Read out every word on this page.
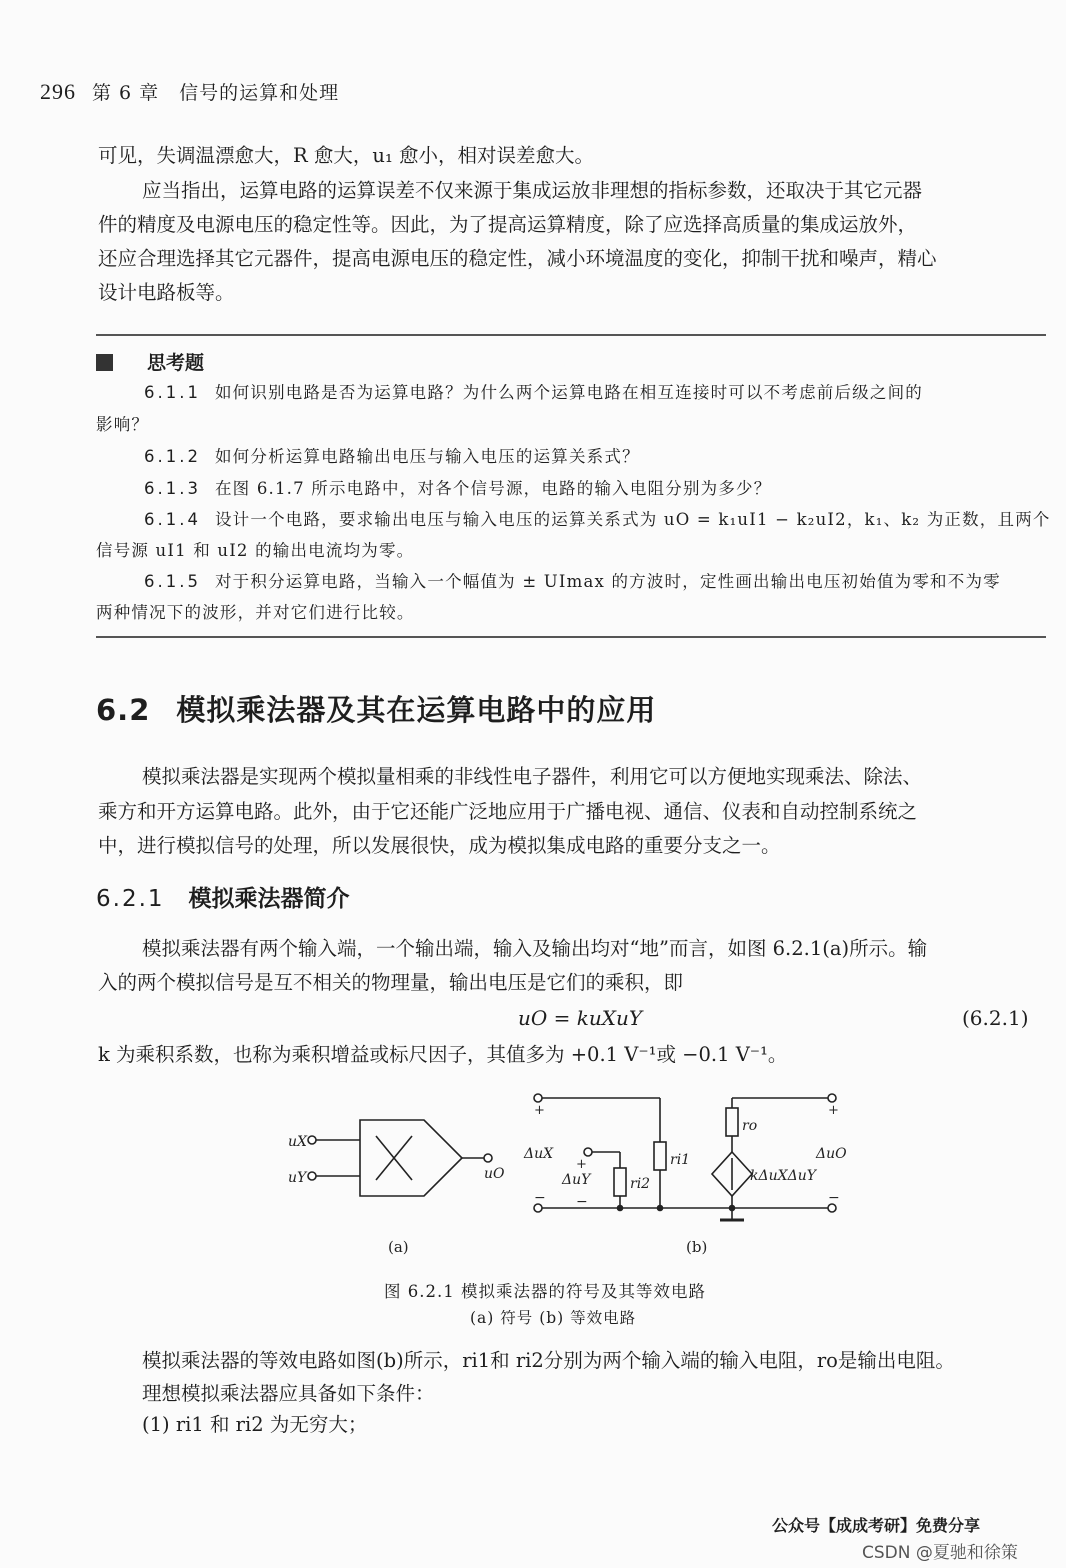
296 第 6 章 信号的运算和处理
可见，失调温漂愈大，R 愈大，u₁ 愈小，相对误差愈大。
应当指出，运算电路的运算误差不仅来源于集成运放非理想的指标参数，还取决于其它元器
件的精度及电源电压的稳定性等。因此，为了提高运算精度，除了应选择高质量的集成运放外，
还应合理选择其它元器件，提高电源电压的稳定性，减小环境温度的变化，抑制干扰和噪声，精心
设计电路板等。
思考题
6.1.1 如何识别电路是否为运算电路？为什么两个运算电路在相互连接时可以不考虑前后级之间的
影响？
6.1.2 如何分析运算电路输出电压与输入电压的运算关系式？
6.1.3 在图 6.1.7 所示电路中，对各个信号源，电路的输入电阻分别为多少？
6.1.4 设计一个电路，要求输出电压与输入电压的运算关系式为 uO = k₁uI1 − k₂uI2，k₁、k₂ 为正数，且两个
信号源 uI1 和 uI2 的输出电流均为零。
6.1.5 对于积分运算电路，当输入一个幅值为 ± UImax 的方波时，定性画出输出电压初始值为零和不为零
两种情况下的波形，并对它们进行比较。
6.2 模拟乘法器及其在运算电路中的应用
模拟乘法器是实现两个模拟量相乘的非线性电子器件，利用它可以方便地实现乘法、除法、
乘方和开方运算电路。此外，由于它还能广泛地应用于广播电视、通信、仪表和自动控制系统之
中，进行模拟信号的处理，所以发展很快，成为模拟集成电路的重要分支之一。
6.2.1 模拟乘法器简介
模拟乘法器有两个输入端，一个输出端，输入及输出均对“地”而言，如图 6.2.1(a)所示。输
入的两个模拟信号是互不相关的物理量，输出电压是它们的乘积，即
uO = kuXuY	(6.2.1)
k 为乘积系数，也称为乘积增益或标尺因子，其值多为 +0.1 V⁻¹或 −0.1 V⁻¹。
uX
uY	uO
(a)
+
ΔuX
−
+
ΔuY
−
ri2
ri1
ro
kΔuXΔuY
+
ΔuO
−
(b)
图 6.2.1 模拟乘法器的符号及其等效电路
(a) 符号 (b) 等效电路
模拟乘法器的等效电路如图(b)所示，ri1和 ri2分别为两个输入端的输入电阻，ro是输出电阻。
理想模拟乘法器应具备如下条件：
(1) ri1 和 ri2 为无穷大；
公众号【成成考研】免费分享
CSDN @夏驰和徐策
